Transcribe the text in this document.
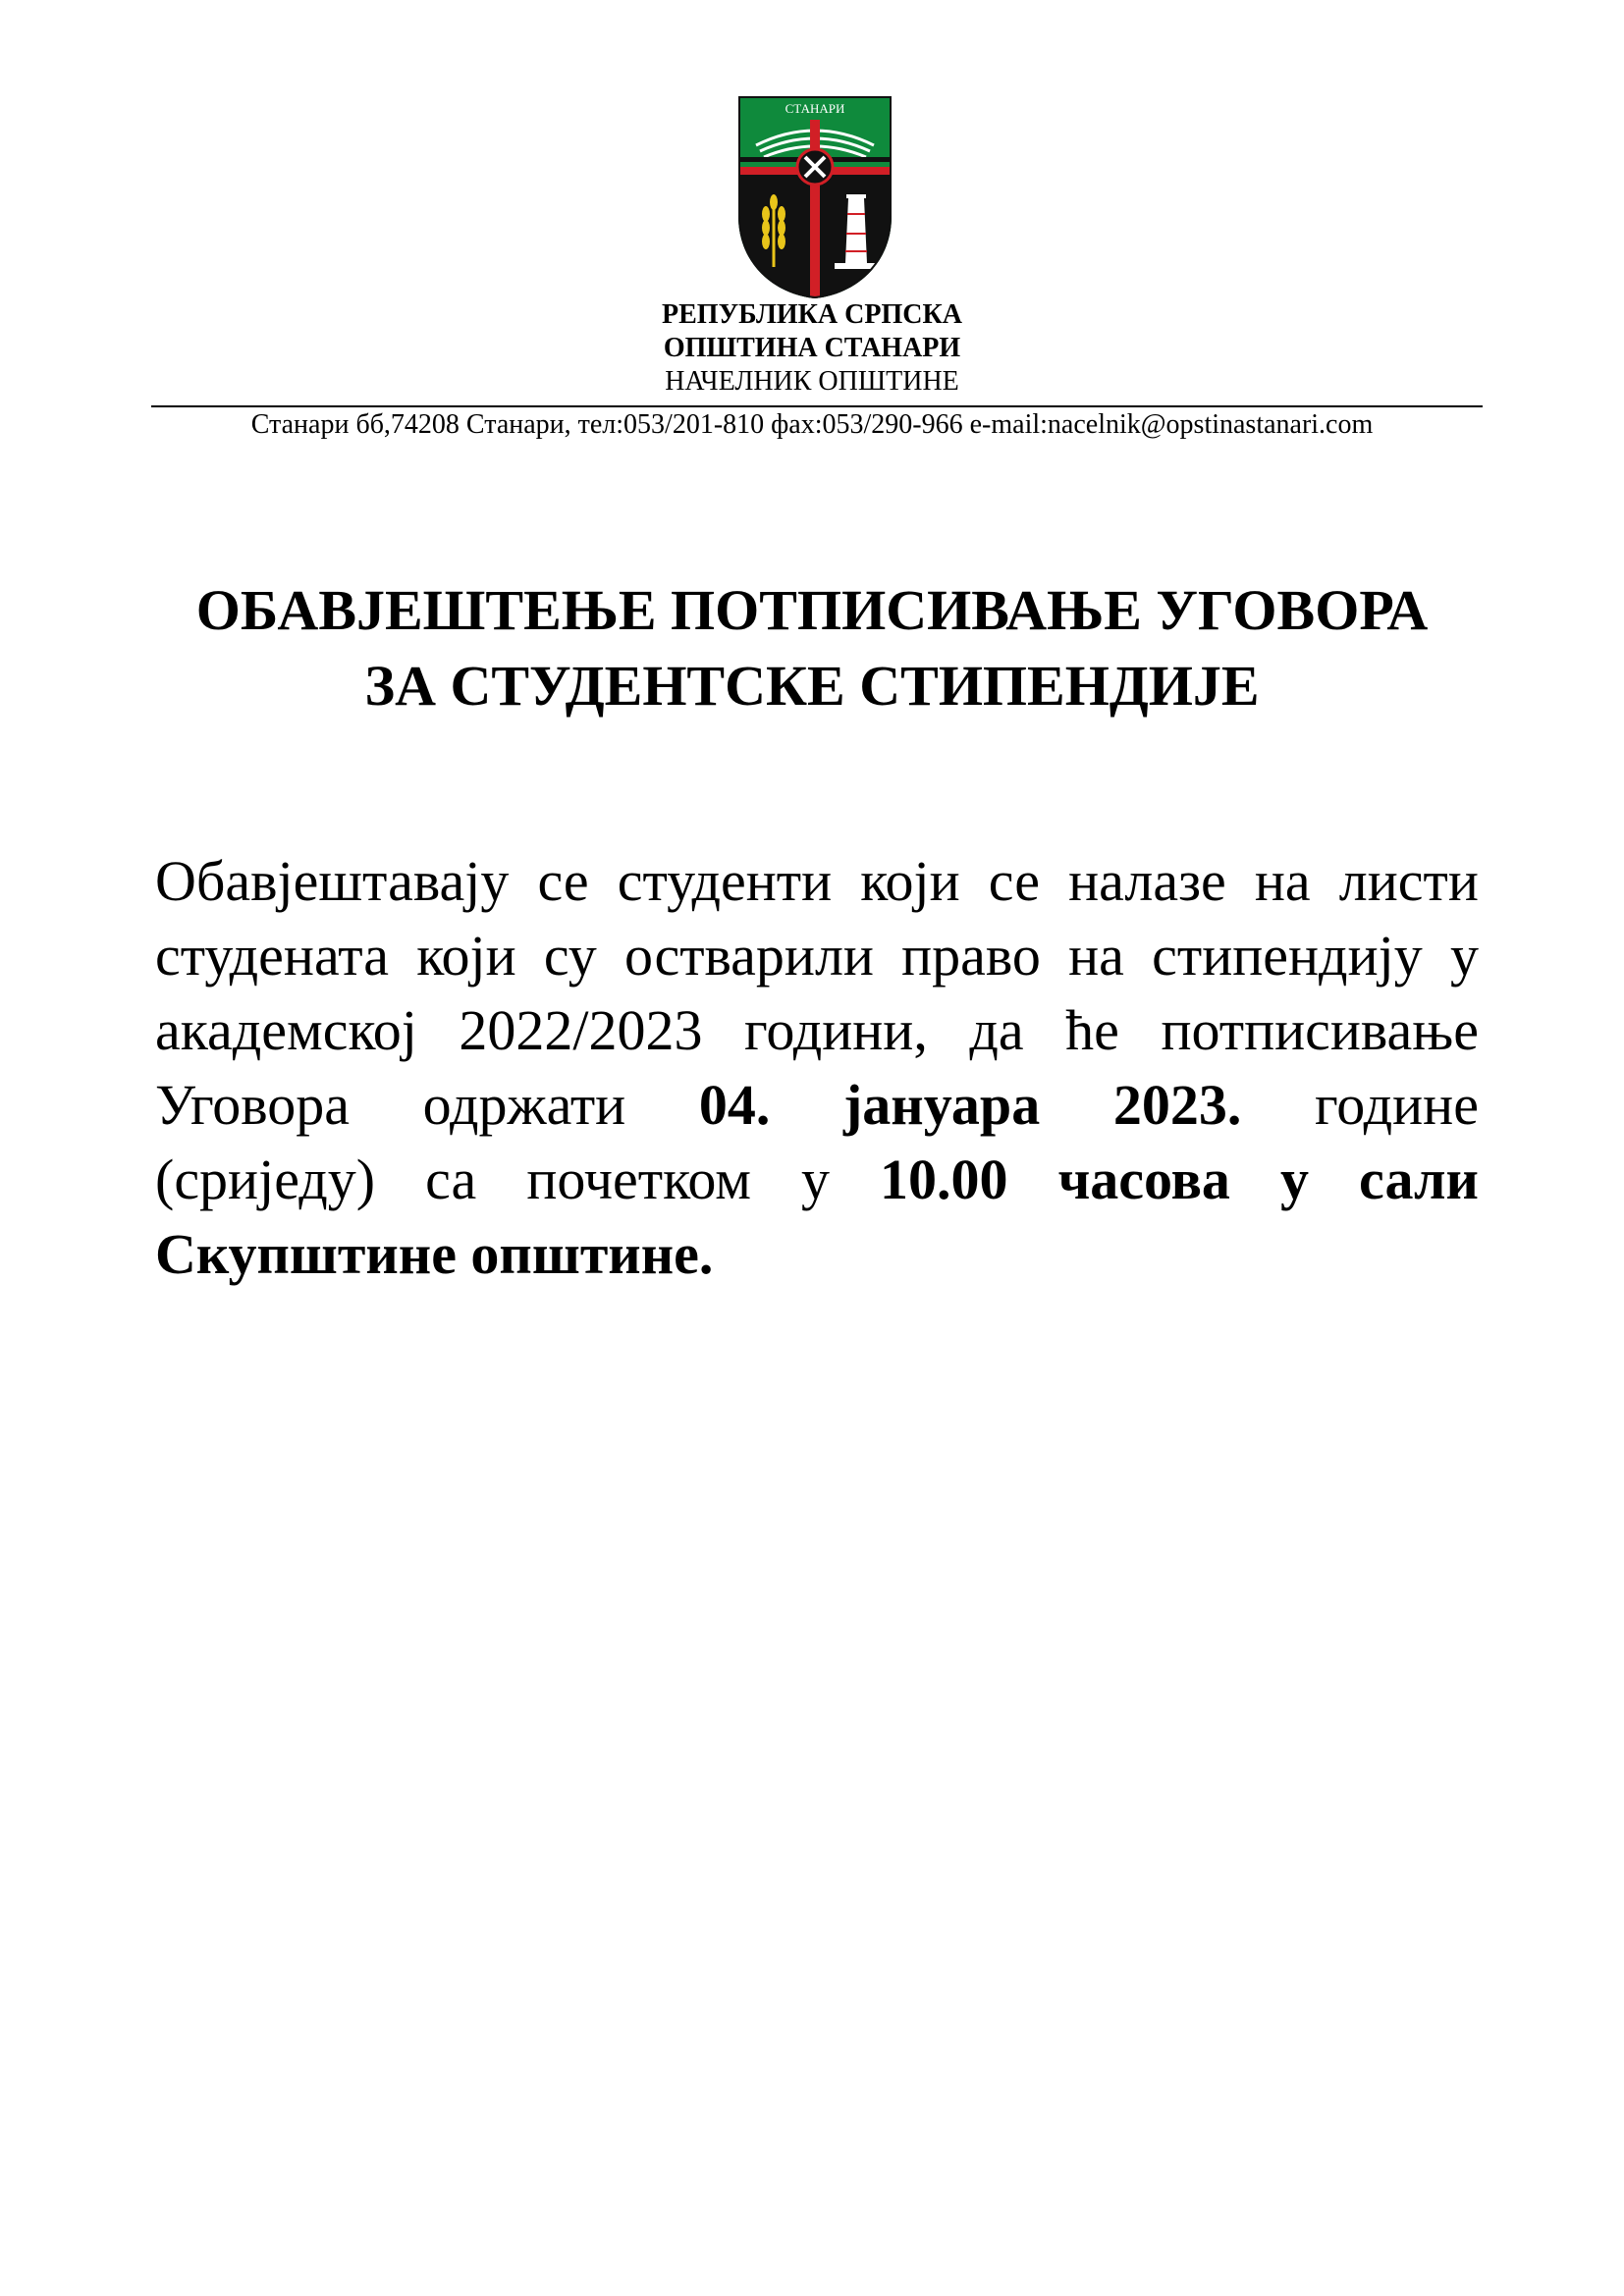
СТАНАРИ
РЕПУБЛИКА СРПСКА
ОПШТИНА СТАНАРИ
НАЧЕЛНИК ОПШТИНЕ
Станари бб,74208 Станари, тел:053/201-810 фах:053/290-966 e-mail:nacelnik@opstinastanari.com
ОБАВЈЕШТЕЊЕ ПОТПИСИВАЊЕ УГОВОРА
ЗА СТУДЕНТСКЕ СТИПЕНДИЈЕ
Обавјештавају се студенти који се налазе на листи
студената који су остварили право на стипендију у
академској 2022/2023 години, да ће потписивање
Уговора одржати 04. јануара 2023. године
(сриједу) са почетком у 10.00 часова у сали
Скупштине општине.
